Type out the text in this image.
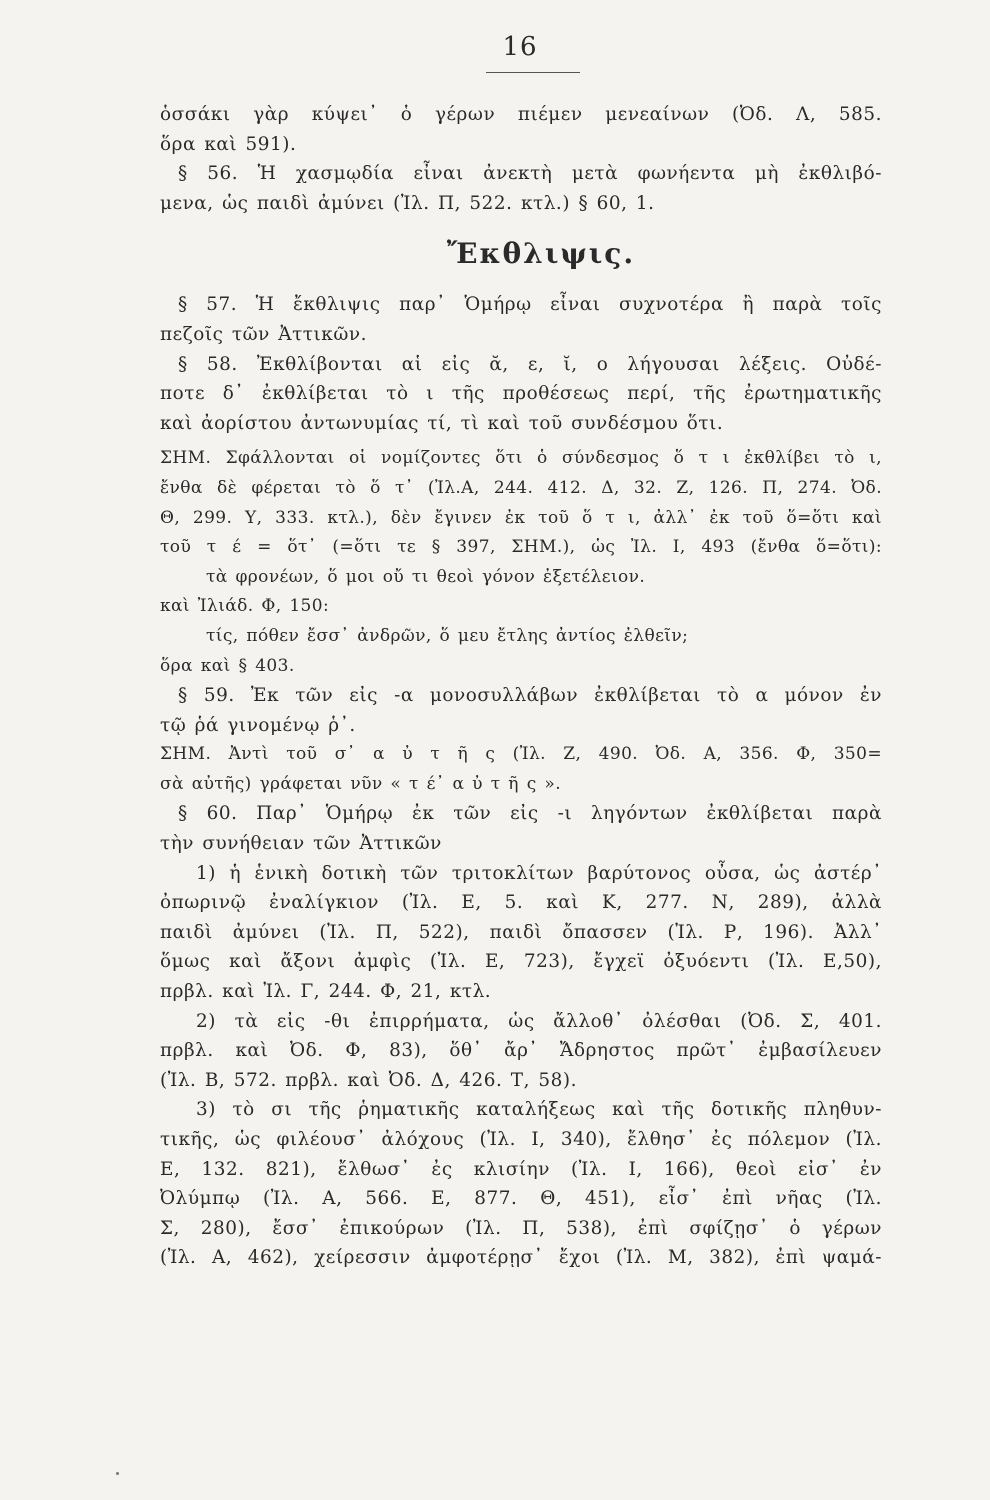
16
ὁσσάκι γὰρ κύψει᾽ ὁ γέρων πιέμεν μενεαίνων (Ὀδ. Λ, 585.
ὅρα καὶ 591).
§ 56. Ἡ χασμῳδία εἶναι ἀνεκτὴ μετὰ φωνήεντα μὴ ἐκθλιβό-
μενα, ὡς παιδὶ ἀμύνει (Ἰλ. Π, 522. κτλ.) § 60, 1.
Ἔκθλιψις.
§ 57. Ἡ ἔκθλιψις παρ᾽ Ὁμήρῳ εἶναι συχνοτέρα ἢ παρὰ τοῖς
πεζοῖς τῶν Ἀττικῶν.
§ 58. Ἐκθλίβονται αἱ εἰς ᾰ, ε, ῐ, ο λήγουσαι λέξεις. Οὐδέ-
ποτε δ᾽ ἐκθλίβεται τὸ ι τῆς προθέσεως περί, τῆς ἐρωτηματικῆς
καὶ ἀορίστου ἀντωνυμίας τί, τὶ καὶ τοῦ συνδέσμου ὅτι.
ΣΗΜ. Σφάλλονται οἱ νομίζοντες ὅτι ὁ σύνδεσμος ὅ τ ι ἐκθλίβει τὸ ι,
ἔνθα δὲ φέρεται τὸ ὅ τ᾽ (Ἰλ.Α, 244. 412. Δ, 32. Ζ, 126. Π, 274. Ὀδ.
Θ, 299. Υ, 333. κτλ.), δὲν ἔγινεν ἐκ τοῦ ὅ τ ι, ἀλλ᾽ ἐκ τοῦ ὅ=ὅτι καὶ
τοῦ τ έ = ὅτ᾽ (=ὅτι τε § 397, ΣΗΜ.), ὡς Ἰλ. Ι, 493 (ἔνθα ὅ=ὅτι):
τὰ φρονέων, ὅ μοι οὔ τι θεοὶ γόνον ἐξετέλειον.
καὶ Ἰλιάδ. Φ, 150:
τίς, πόθεν ἔσσ᾽ ἀνδρῶν, ὅ μευ ἔτλης ἀντίος ἐλθεῖν;
ὅρα καὶ § 403.
§ 59. Ἐκ τῶν εἰς -α μονοσυλλάβων ἐκθλίβεται τὸ α μόνον ἐν
τῷ ῥά γινομένῳ ῥ᾽.
ΣΗΜ. Ἀντὶ τοῦ σ᾽ α ὐ τ ῆ ς (Ἰλ. Ζ, 490. Ὀδ. Α, 356. Φ, 350=
σὰ αὐτῆς) γράφεται νῦν « τ έ᾽ α ὐ τ ῆ ς ».
§ 60. Παρ᾽ Ὁμήρῳ ἐκ τῶν εἰς -ι ληγόντων ἐκθλίβεται παρὰ
τὴν συνήθειαν τῶν Ἀττικῶν
1) ἡ ἑνικὴ δοτικὴ τῶν τριτοκλίτων βαρύτονος οὖσα, ὡς ἀστέρ᾽
ὀπωρινῷ ἐναλίγκιον (Ἰλ. Ε, 5. καὶ Κ, 277. Ν, 289), ἀλλὰ
παιδὶ ἀμύνει (Ἰλ. Π, 522), παιδὶ ὄπασσεν (Ἰλ. Ρ, 196). Ἀλλ᾽
ὅμως καὶ ἄξονι ἀμφὶς (Ἰλ. Ε, 723), ἔγχεϊ ὀξυόεντι (Ἰλ. Ε,50),
πρβλ. καὶ Ἰλ. Γ, 244. Φ, 21, κτλ.
2) τὰ εἰς -θι ἐπιρρήματα, ὡς ἄλλοθ᾽ ὀλέσθαι (Ὀδ. Σ, 401.
πρβλ. καὶ Ὀδ. Φ, 83), ὅθ᾽ ἄρ᾽ Ἄδρηστος πρῶτ᾽ ἐμβασίλευεν
(Ἰλ. Β, 572. πρβλ. καὶ Ὀδ. Δ, 426. Τ, 58).
3) τὸ σι τῆς ῥηματικῆς καταλήξεως καὶ τῆς δοτικῆς πληθυν-
τικῆς, ὡς φιλέουσ᾽ ἀλόχους (Ἰλ. Ι, 340), ἔλθησ᾽ ἐς πόλεμον (Ἰλ.
Ε, 132. 821), ἔλθωσ᾽ ἐς κλισίην (Ἰλ. Ι, 166), θεοὶ εἰσ᾽ ἐν
Ὀλύμπῳ (Ἰλ. Α, 566. Ε, 877. Θ, 451), εἶσ᾽ ἐπὶ νῆας (Ἰλ.
Σ, 280), ἔσσ᾽ ἐπικούρων (Ἰλ. Π, 538), ἐπὶ σφίζῃσ᾽ ὁ γέρων
(Ἰλ. Α, 462), χείρεσσιν ἀμφοτέρῃσ᾽ ἔχοι (Ἰλ. Μ, 382), ἐπὶ ψαμά-
